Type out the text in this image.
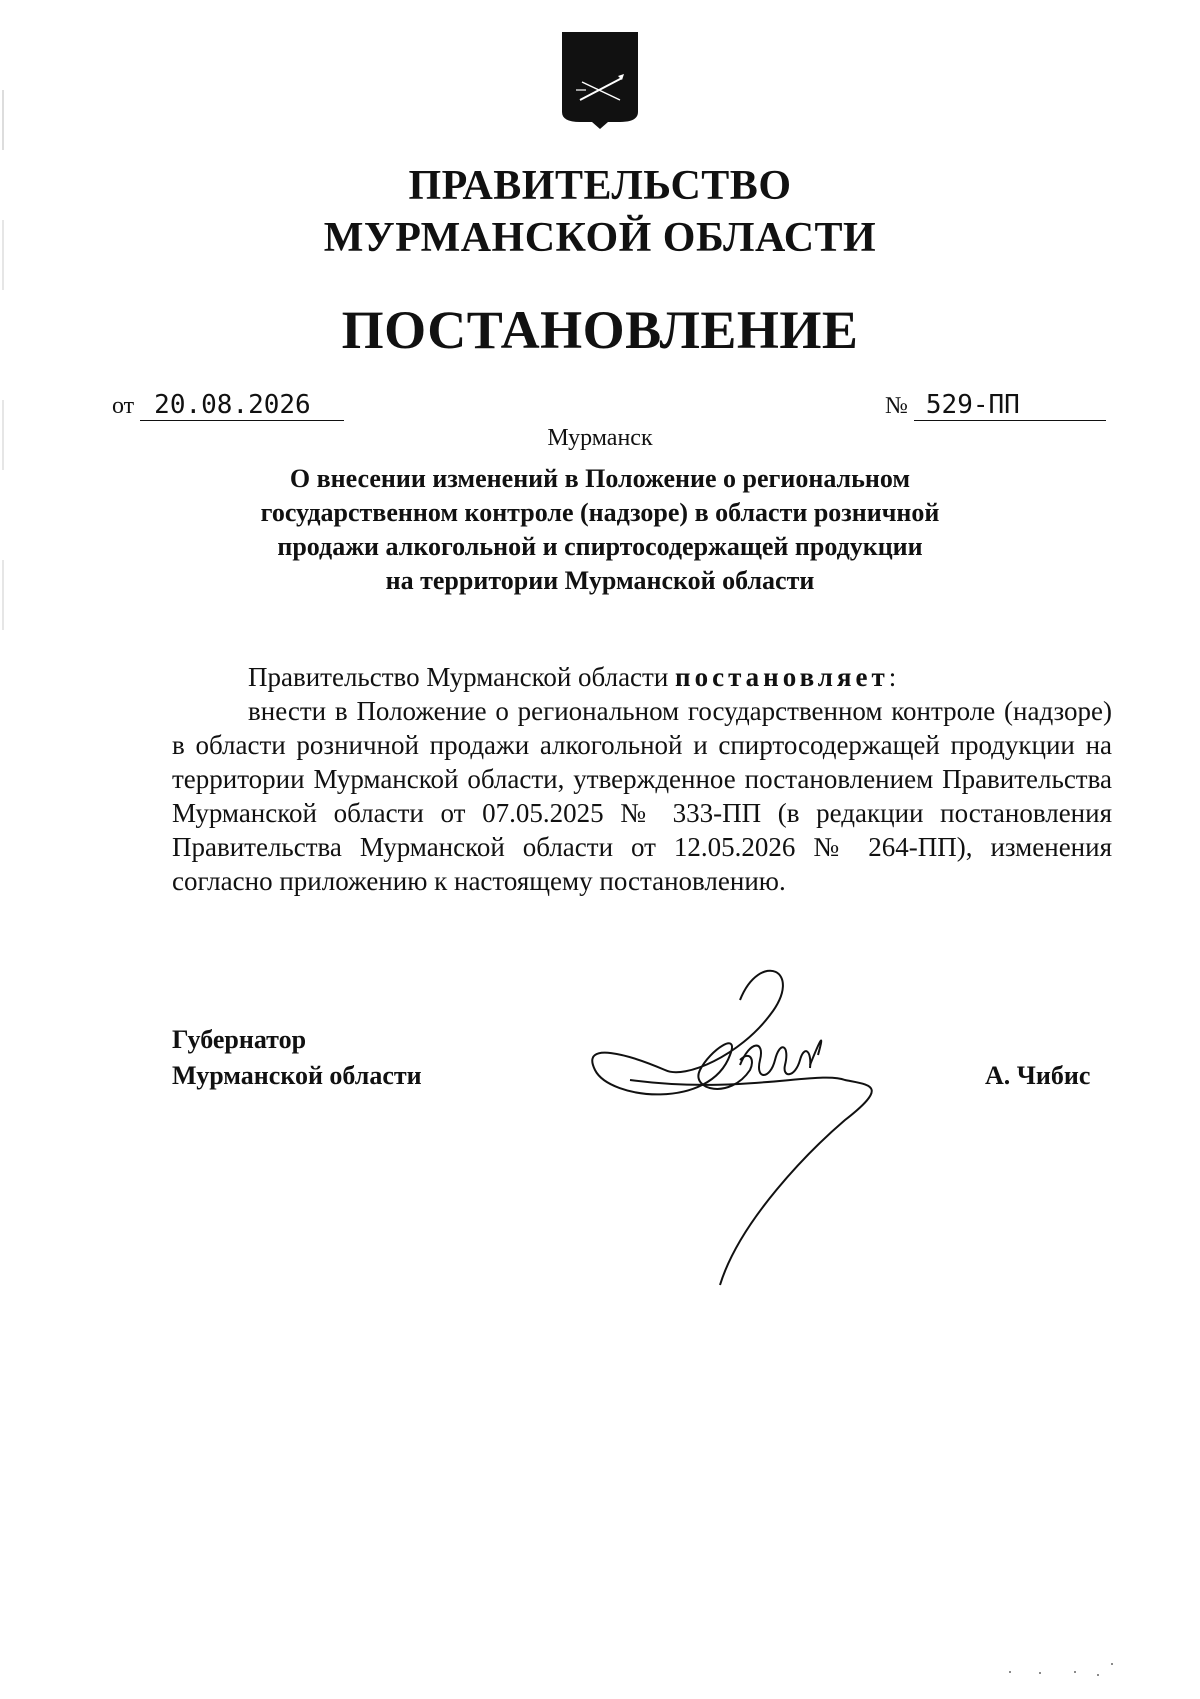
ПРАВИТЕЛЬСТВО
МУРМАНСКОЙ ОБЛАСТИ
ПОСТАНОВЛЕНИЕ
от 20.08.2026	№ 529-ПП
Мурманск
О внесении изменений в Положение о региональном
государственном контроле (надзоре) в области розничной
продажи алкогольной и спиртосодержащей продукции
на территории Мурманской области

Правительство Мурманской области постановляет:

внести в Положение о региональном государственном контроле (надзоре) в области розничной продажи алкогольной и спиртосодержащей продукции на территории Мурманской области, утвержденное постановлением Правительства Мурманской области от 07.05.2025 № 333-ПП (в редакции постановления Правительства Мурманской области от 12.05.2026 № 264-ПП), изменения согласно приложению к настоящему постановлению.

Губернатор
Мурманской области	А. Чибис
